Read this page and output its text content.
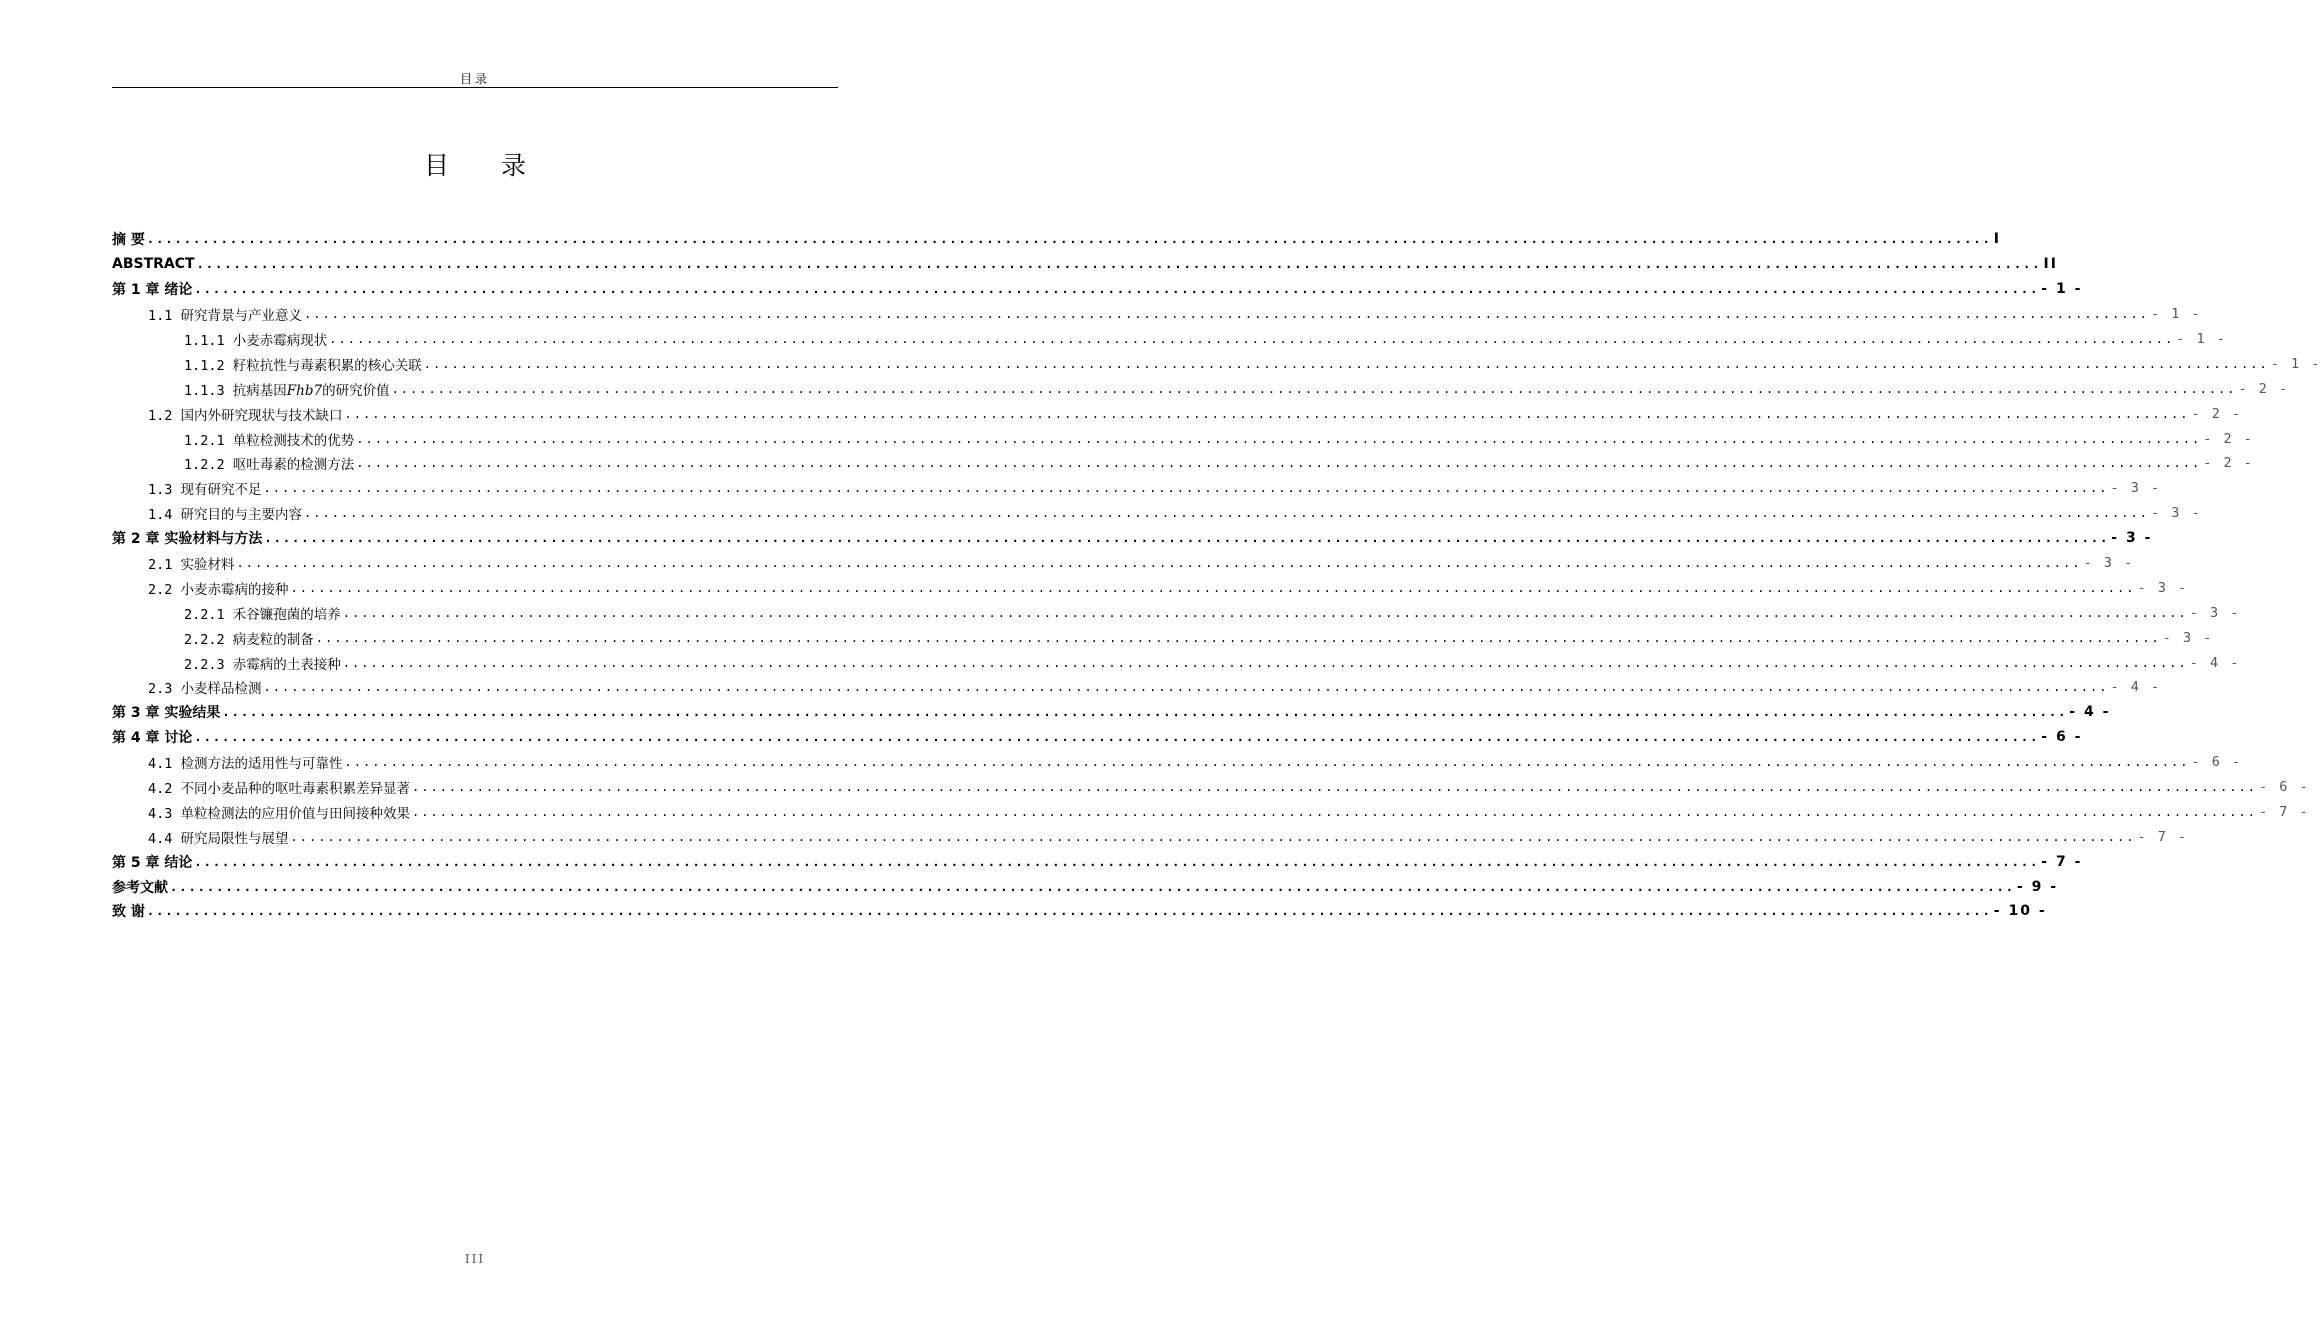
目录
目 录
摘 要 ........................................................................................................................................................................................................ I
ABSTRACT ........................................................................................................................................................................................................ II
第 1 章 绪论 ........................................................................................................................................................................................................ - 1 -
1.1 研究背景与产业意义 ........................................................................................................................................................................................................ - 1 -
1.1.1 小麦赤霉病现状 ........................................................................................................................................................................................................ - 1 -
1.1.2 籽粒抗性与毒素积累的核心关联 ........................................................................................................................................................................................................ - 1 -
1.1.3 抗病基因Fhb7的研究价值 ........................................................................................................................................................................................................ - 2 -
1.2 国内外研究现状与技术缺口 ........................................................................................................................................................................................................ - 2 -
1.2.1 单粒检测技术的优势 ........................................................................................................................................................................................................ - 2 -
1.2.2 呕吐毒素的检测方法 ........................................................................................................................................................................................................ - 2 -
1.3 现有研究不足 ........................................................................................................................................................................................................ - 3 -
1.4 研究目的与主要内容 ........................................................................................................................................................................................................ - 3 -
第 2 章 实验材料与方法 ........................................................................................................................................................................................................ - 3 -
2.1 实验材料 ........................................................................................................................................................................................................ - 3 -
2.2 小麦赤霉病的接种 ........................................................................................................................................................................................................ - 3 -
2.2.1 禾谷镰孢菌的培养 ........................................................................................................................................................................................................ - 3 -
2.2.2 病麦粒的制备 ........................................................................................................................................................................................................ - 3 -
2.2.3 赤霉病的土表接种 ........................................................................................................................................................................................................ - 4 -
2.3 小麦样品检测 ........................................................................................................................................................................................................ - 4 -
第 3 章 实验结果 ........................................................................................................................................................................................................ - 4 -
第 4 章 讨论 ........................................................................................................................................................................................................ - 6 -
4.1 检测方法的适用性与可靠性 ........................................................................................................................................................................................................ - 6 -
4.2 不同小麦品种的呕吐毒素积累差异显著 ........................................................................................................................................................................................................ - 6 -
4.3 单粒检测法的应用价值与田间接种效果 ........................................................................................................................................................................................................ - 7 -
4.4 研究局限性与展望 ........................................................................................................................................................................................................ - 7 -
第 5 章 结论 ........................................................................................................................................................................................................ - 7 -
参考文献 ........................................................................................................................................................................................................ - 9 -
致 谢 ........................................................................................................................................................................................................ - 10 -
III
